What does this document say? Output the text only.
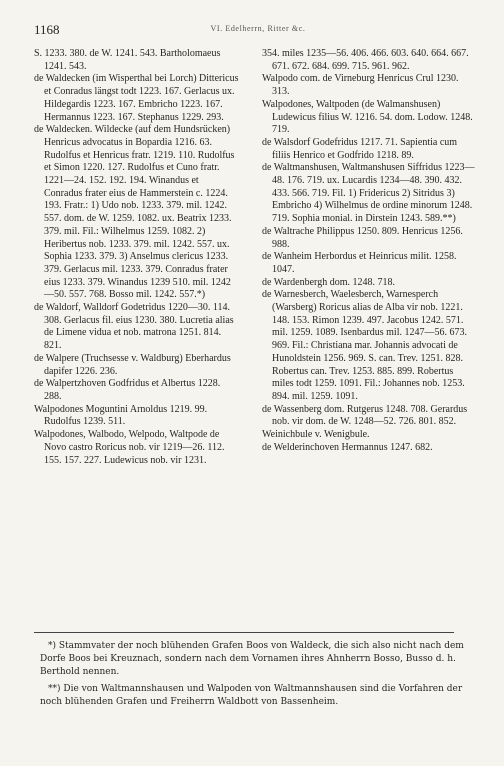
1168	VI. Edelherrn, Ritter &c.

S. 1233. 380. de W. 1241. 543. Bartholomaeus 1241. 543.

de Waldecken (im Wisperthal bei Lorch) Dittericus et Conradus längst todt 1223. 167. Gerlacus ux. Hildegardis 1223. 167. Embricho 1223. 167. Hermannus 1223. 167. Stephanus 1229. 293.

de Waldecken. Wildecke (auf dem Hundsrücken) Henricus advocatus in Bopardia 1216. 63. Rudolfus et Henricus fratr. 1219. 110. Rudolfus et Simon 1220. 127. Rudolfus et Cuno fratr. 1221—24. 152. 192. 194. Winandus et Conradus frater eius de Hammerstein c. 1224. 193. Fratr.: 1) Udo nob. 1233. 379. mil. 1242. 557. dom. de W. 1259. 1082. ux. Beatrix 1233. 379. mil. Fil.: Wilhelmus 1259. 1082. 2) Heribertus nob. 1233. 379. mil. 1242. 557. ux. Sophia 1233. 379. 3) Anselmus clericus 1233. 379. Gerlacus mil. 1233. 379. Conradus frater eius 1233. 379. Winandus 1239 510. mil. 1242—50. 557. 768. Bosso mil. 1242. 557.*)

de Waldorf, Walldorf Godetridus 1220—30. 114. 308. Gerlacus fil. eius 1230. 380. Lucretia alias de Limene vidua et nob. matrona 1251. 814. 821.

de Walpere (Truchsesse v. Waldburg) Eberhardus dapifer 1226. 236.

de Walpertzhoven Godfridus et Albertus 1228. 288.

Walpodones Moguntini Arnoldus 1219. 99. Rudolfus 1239. 511.

Walpodones, Walbodo, Welpodo, Waltpode de Novo castro Roricus nob. vir 1219—26. 112. 155. 157. 227. Ludewicus nob. vir 1231.

354. miles 1235—56. 406. 466. 603. 640. 664. 667. 671. 672. 684. 699. 715. 961. 962.

Walpodo com. de Virneburg Henricus Crul 1230. 313.

Walpodones, Waltpoden (de Walmanshusen) Ludewicus filius W. 1216. 54. dom. Lodow. 1248. 719.

de Walsdorf Godefridus 1217. 71. Sapientia cum filiis Henrico et Godfrido 1218. 89.

de Waltmanshusen, Waltmanshusen Siffridus 1223—48. 176. 719. ux. Lucardis 1234—48. 390. 432. 433. 566. 719. Fil. 1) Fridericus 2) Sitridus 3) Embricho 4) Wilhelmus de ordine minorum 1248. 719. Sophia monial. in Dirstein 1243. 589.**)

de Waltrache Philippus 1250. 809. Henricus 1256. 988.

de Wanheim Herbordus et Heinricus milit. 1258. 1047.

de Wardenbergh dom. 1248. 718.

de Warnesberch, Waelesberch, Warnesperch (Warsberg) Roricus alias de Alba vir nob. 1221. 148. 153. Rimon 1239. 497. Jacobus 1242. 571. mil. 1259. 1089. Isenbardus mil. 1247—56. 673. 969. Fil.: Christiana mar. Johannis advocati de Hunoldstein 1256. 969. S. can. Trev. 1251. 828. Robertus can. Trev. 1253. 885. 899. Robertus miles todt 1259. 1091. Fil.: Johannes nob. 1253. 894. mil. 1259. 1091.

de Wassenberg dom. Rutgerus 1248. 708. Gerardus nob. vir dom. de W. 1248—52. 726. 801. 852.

Weinichbule v. Wenigbule.

de Welderinchoven Hermannus 1247. 682.

*) Stammvater der noch blühenden Grafen Boos von Waldeck, die sich also nicht nach dem Dorfe Boos bei Kreuznach, sondern nach dem Vornamen ihres Ahnherrn Bosso, Busso d. h. Berthold nennen.

**) Die von Waltmannshausen und Walpoden von Waltmannshausen sind die Vorfahren der noch blühenden Grafen und Freiherrn Waldbott von Bassenheim.
